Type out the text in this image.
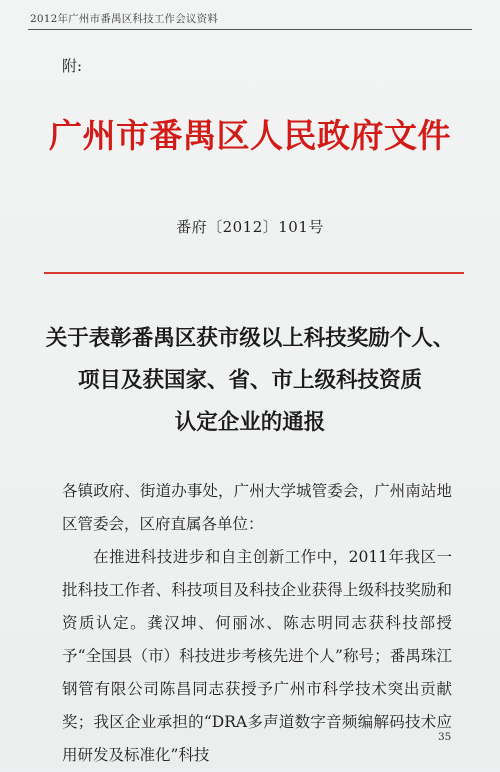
2012年广州市番禺区科技工作会议资料
附:
广州市番禺区人民政府文件
番府〔2012〕101号
关于表彰番禺区获市级以上科技奖励个人、
项目及获国家、省、市上级科技资质
认定企业的通报

各镇政府、街道办事处，广州大学城管委会，广州南站地区管委会，区府直属各单位：

在推进科技进步和自主创新工作中，2011年我区一批科技工作者、科技项目及科技企业获得上级科技奖励和资质认定。龚汉坤、何丽冰、陈志明同志获科技部授予“全国县（市）科技进步考核先进个人”称号；番禺珠江钢管有限公司陈昌同志获授予广州市科学技术突出贡献奖；我区企业承担的“DRA多声道数字音频编解码技术应用研发及标准化”科技

35
